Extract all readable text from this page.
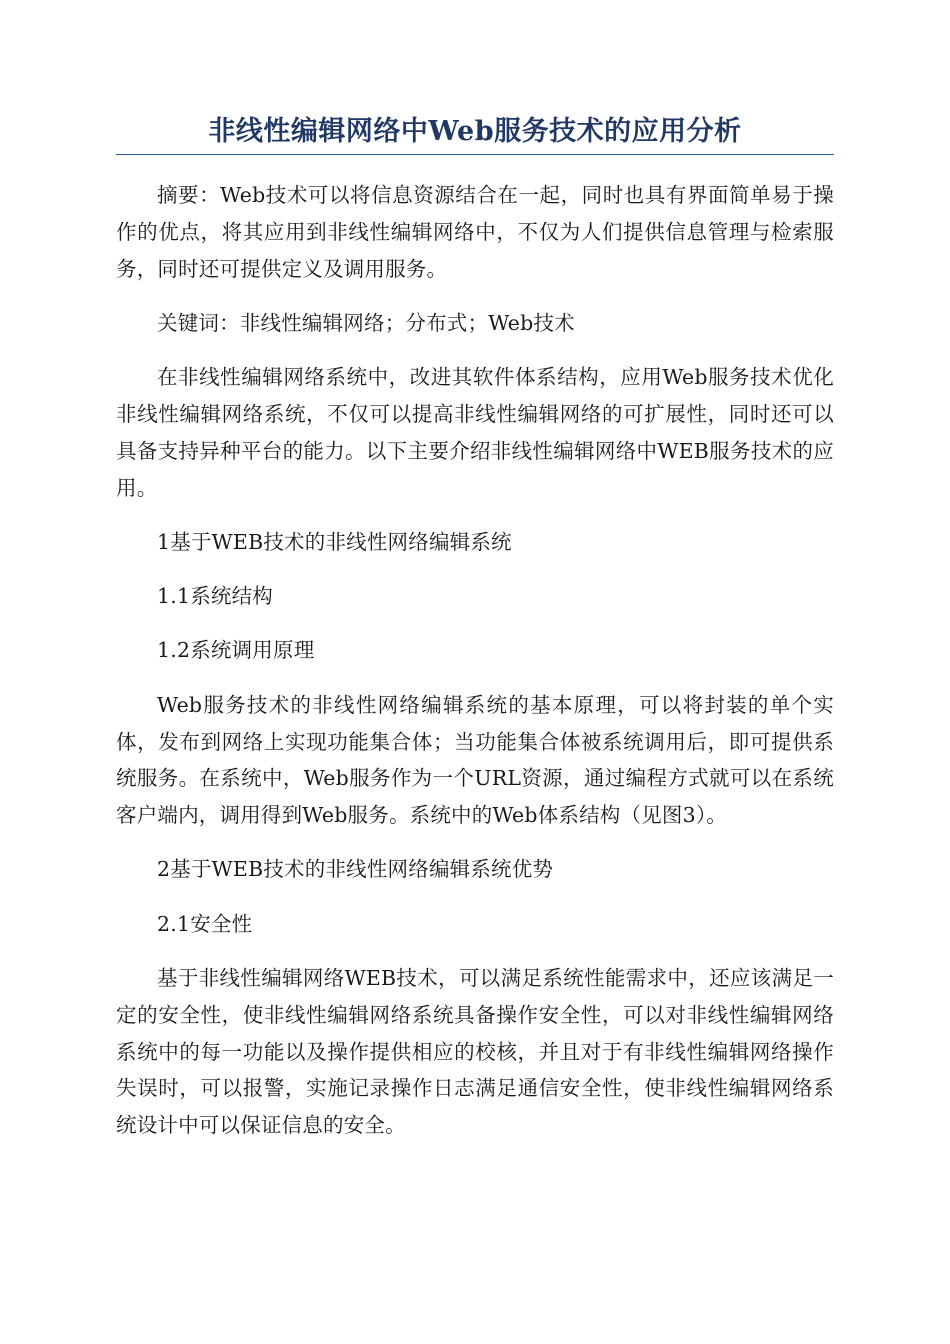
非线性编辑网络中Web服务技术的应用分析

摘要：Web技术可以将信息资源结合在一起，同时也具有界面简单易于操作的优点，将其应用到非线性编辑网络中，不仅为人们提供信息管理与检索服务，同时还可提供定义及调用服务。

关键词：非线性编辑网络；分布式；Web技术

在非线性编辑网络系统中，改进其软件体系结构，应用Web服务技术优化非线性编辑网络系统，不仅可以提高非线性编辑网络的可扩展性，同时还可以具备支持异种平台的能力。以下主要介绍非线性编辑网络中WEB服务技术的应用。

1基于WEB技术的非线性网络编辑系统

1.1系统结构

1.2系统调用原理

Web服务技术的非线性网络编辑系统的基本原理，可以将封装的单个实体，发布到网络上实现功能集合体；当功能集合体被系统调用后，即可提供系统服务。在系统中，Web服务作为一个URL资源，通过编程方式就可以在系统客户端内，调用得到Web服务。系统中的Web体系结构（见图3）。

2基于WEB技术的非线性网络编辑系统优势

2.1安全性

基于非线性编辑网络WEB技术，可以满足系统性能需求中，还应该满足一定的安全性，使非线性编辑网络系统具备操作安全性，可以对非线性编辑网络系统中的每一功能以及操作提供相应的校核，并且对于有非线性编辑网络操作失误时，可以报警，实施记录操作日志满足通信安全性，使非线性编辑网络系统设计中可以保证信息的安全。
